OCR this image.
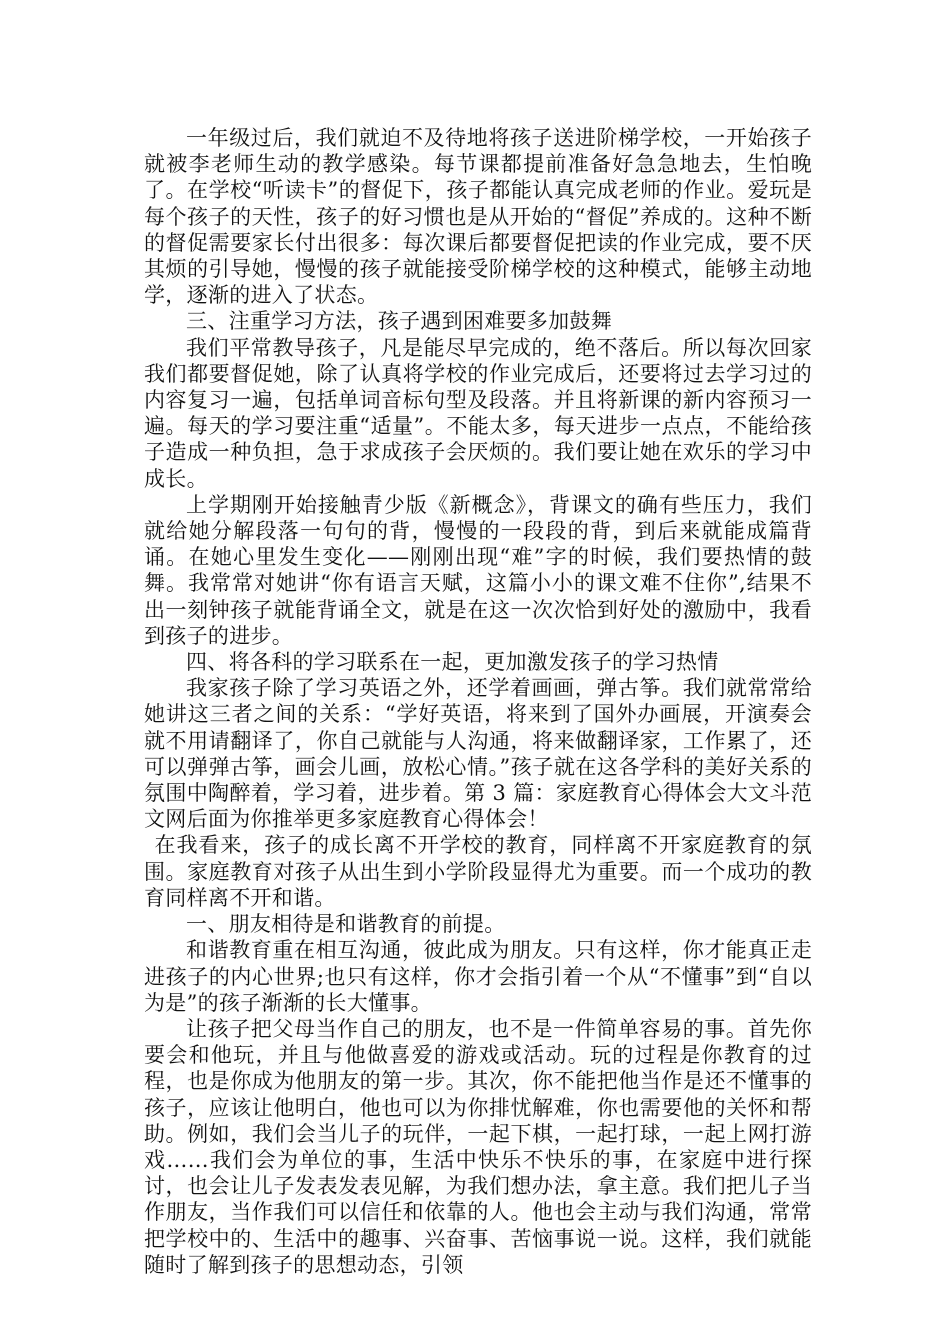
一年级过后，我们就迫不及待地将孩子送进阶梯学校，一开始孩子就被李老师生动的教学感染。每节课都提前准备好急急地去，生怕晚了。在学校“听读卡”的督促下，孩子都能认真完成老师的作业。爱玩是每个孩子的天性，孩子的好习惯也是从开始的“督促”养成的。这种不断的督促需要家长付出很多：每次课后都要督促把读的作业完成，要不厌其烦的引导她，慢慢的孩子就能接受阶梯学校的这种模式，能够主动地学，逐渐的进入了状态。

三、注重学习方法，孩子遇到困难要多加鼓舞

我们平常教导孩子，凡是能尽早完成的，绝不落后。所以每次回家我们都要督促她，除了认真将学校的作业完成后，还要将过去学习过的内容复习一遍，包括单词音标句型及段落。并且将新课的新内容预习一遍。每天的学习要注重“适量”。不能太多，每天进步一点点，不能给孩子造成一种负担，急于求成孩子会厌烦的。我们要让她在欢乐的学习中成长。

上学期刚开始接触青少版《新概念》，背课文的确有些压力，我们就给她分解段落一句句的背，慢慢的一段段的背，到后来就能成篇背诵。在她心里发生变化——刚刚出现“难”字的时候，我们要热情的鼓舞。我常常对她讲“你有语言天赋，这篇小小的课文难不住你”,结果不出一刻钟孩子就能背诵全文，就是在这一次次恰到好处的激励中，我看到孩子的进步。

四、将各科的学习联系在一起，更加激发孩子的学习热情

我家孩子除了学习英语之外，还学着画画，弹古筝。我们就常常给她讲这三者之间的关系：“学好英语，将来到了国外办画展，开演奏会就不用请翻译了，你自己就能与人沟通，将来做翻译家，工作累了，还可以弹弹古筝，画会儿画，放松心情。”孩子就在这各学科的美好关系的氛围中陶醉着，学习着，进步着。第 3 篇：家庭教育心得体会大文斗范文网后面为你推举更多家庭教育心得体会！

在我看来，孩子的成长离不开学校的教育，同样离不开家庭教育的氛围。家庭教育对孩子从出生到小学阶段显得尤为重要。而一个成功的教育同样离不开和谐。

一、朋友相待是和谐教育的前提。

和谐教育重在相互沟通，彼此成为朋友。只有这样，你才能真正走进孩子的内心世界;也只有这样，你才会指引着一个从“不懂事”到“自以为是”的孩子渐渐的长大懂事。

让孩子把父母当作自己的朋友，也不是一件简单容易的事。首先你要会和他玩，并且与他做喜爱的游戏或活动。玩的过程是你教育的过程，也是你成为他朋友的第一步。其次，你不能把他当作是还不懂事的孩子，应该让他明白，他也可以为你排忧解难，你也需要他的关怀和帮助。例如，我们会当儿子的玩伴，一起下棋，一起打球，一起上网打游戏……我们会为单位的事，生活中快乐不快乐的事，在家庭中进行探讨，也会让儿子发表发表见解，为我们想办法，拿主意。我们把儿子当作朋友，当作我们可以信任和依靠的人。他也会主动与我们沟通，常常把学校中的、生活中的趣事、兴奋事、苦恼事说一说。这样，我们就能随时了解到孩子的思想动态，引领
